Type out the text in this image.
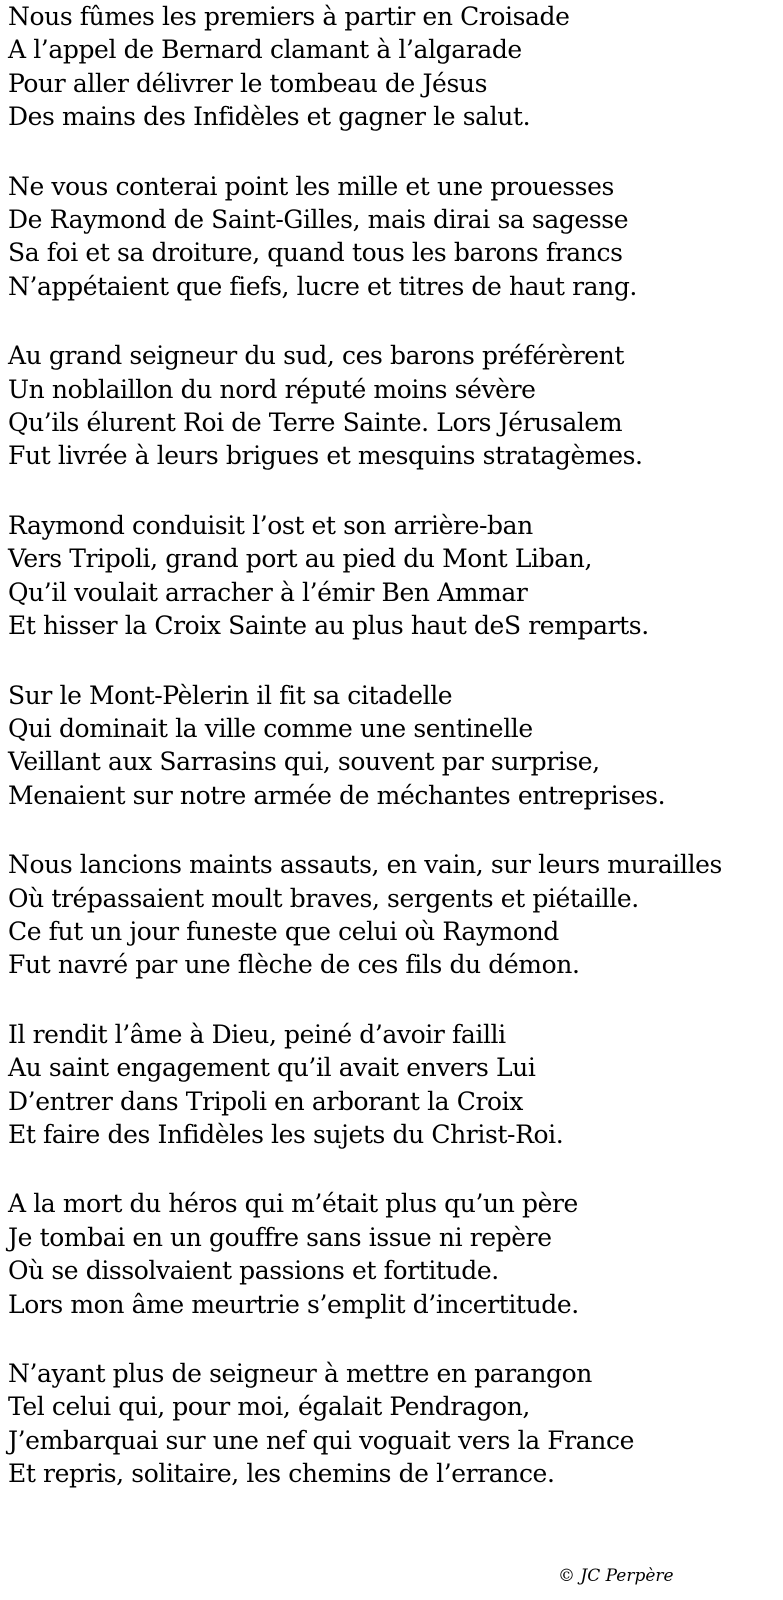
Nous fûmes les premiers à partir en Croisade
A l’appel de Bernard clamant à l’algarade
Pour aller délivrer le tombeau de Jésus
Des mains des Infidèles et gagner le salut.
Ne vous conterai point les mille et une prouesses
De Raymond de Saint-Gilles, mais dirai sa sagesse
Sa foi et sa droiture, quand tous les barons francs
N’appétaient que fiefs, lucre et titres de haut rang.
Au grand seigneur du sud, ces barons préférèrent
Un noblaillon du nord réputé moins sévère
Qu’ils élurent Roi de Terre Sainte. Lors Jérusalem
Fut livrée à leurs brigues et mesquins stratagèmes.
Raymond conduisit l’ost et son arrière-ban
Vers Tripoli, grand port au pied du Mont Liban,
Qu’il voulait arracher à l’émir Ben Ammar
Et hisser la Croix Sainte au plus haut deS remparts.
Sur le Mont-Pèlerin il fit sa citadelle
Qui dominait la ville comme une sentinelle
Veillant aux Sarrasins qui, souvent par surprise,
Menaient sur notre armée de méchantes entreprises.
Nous lancions maints assauts, en vain, sur leurs murailles
Où trépassaient moult braves, sergents et piétaille.
Ce fut un jour funeste que celui où Raymond
Fut navré par une flèche de ces fils du démon.
Il rendit l’âme à Dieu, peiné d’avoir failli
Au saint engagement qu’il avait envers Lui
D’entrer dans Tripoli en arborant la Croix
Et faire des Infidèles les sujets du Christ-Roi.
A la mort du héros qui m’était plus qu’un père
Je tombai en un gouffre sans issue ni repère
Où se dissolvaient passions et fortitude.
Lors mon âme meurtrie s’emplit d’incertitude.
N’ayant plus de seigneur à mettre en parangon
Tel celui qui, pour moi, égalait Pendragon,
J’embarquai sur une nef qui voguait vers la France
Et repris, solitaire, les chemins de l’errance.
© JC Perpère
